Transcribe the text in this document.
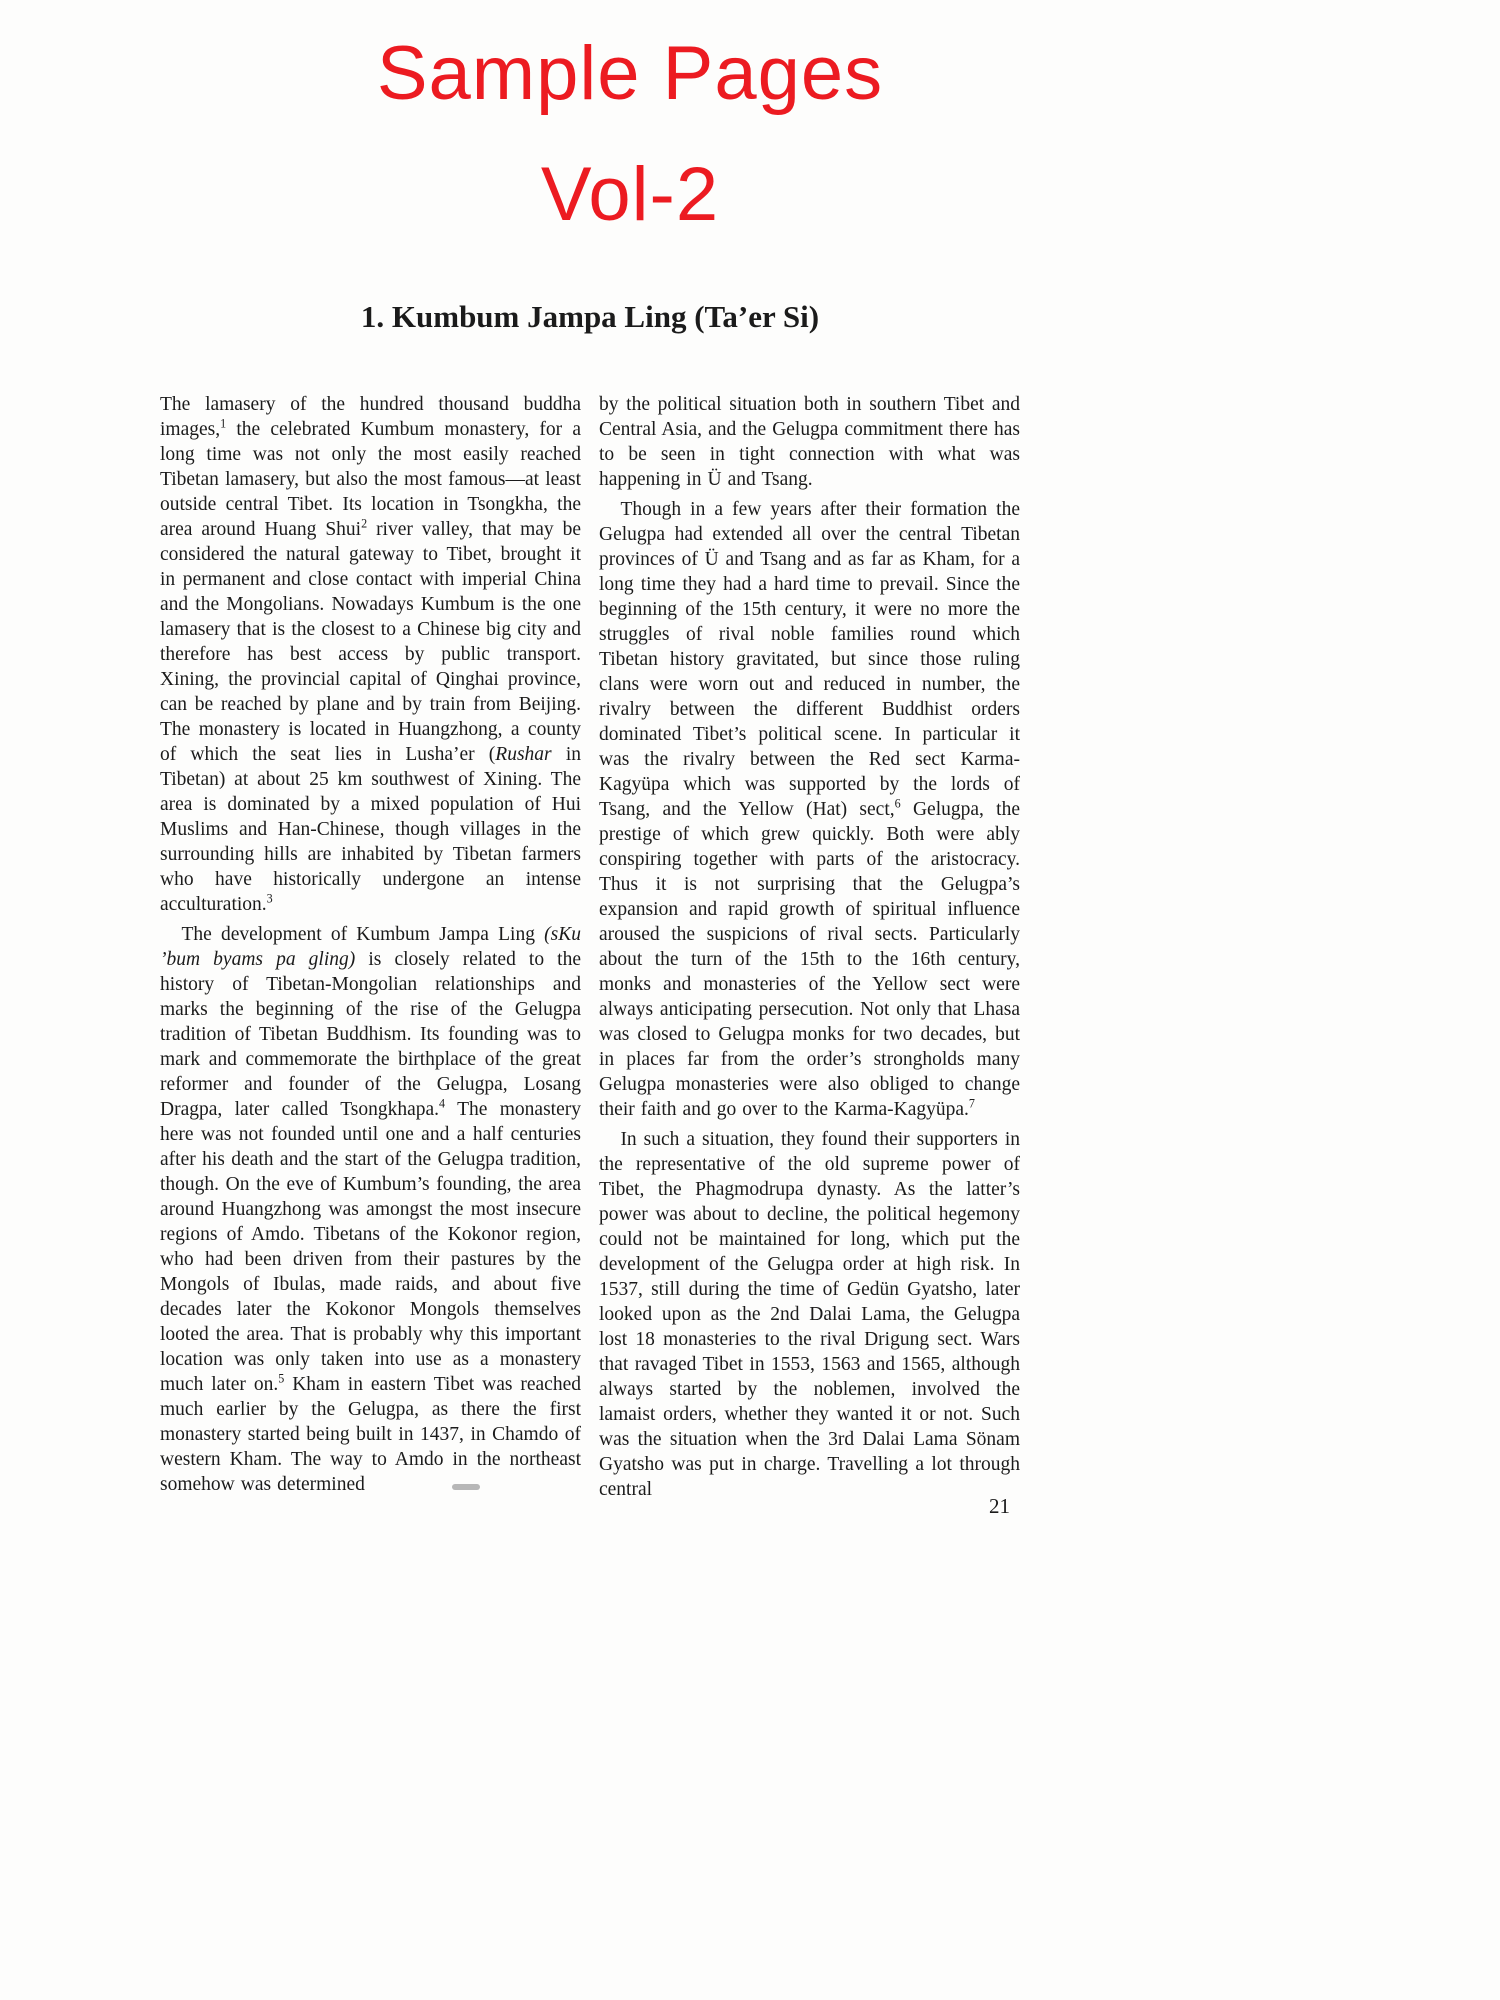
Sample Pages
Vol-2
1. Kumbum Jampa Ling (Ta’er Si)

The lamasery of the hundred thousand buddha images,$^1$ the celebrated Kumbum monastery, for a long time was not only the most easily reached Tibetan lamasery, but also the most famous—at least outside central Tibet. Its location in Tsongkha, the area around Huang Shui$^2$ river valley, that may be considered the natural gateway to Tibet, brought it in permanent and close contact with imperial China and the Mongolians. Nowadays Kumbum is the one lamasery that is the closest to a Chinese big city and therefore has best access by public transport. Xining, the provincial capital of Qinghai province, can be reached by plane and by train from Beijing. The monastery is located in Huangzhong, a county of which the seat lies in Lusha’er (Rushar in Tibetan) at about 25 km southwest of Xining. The area is dominated by a mixed population of Hui Muslims and Han-Chinese, though villages in the surrounding hills are inhabited by Tibetan farmers who have historically undergone an intense acculturation.$^3$

The development of Kumbum Jampa Ling (sKu ’bum byams pa gling) is closely related to the history of Tibetan-Mongolian relationships and marks the beginning of the rise of the Gelugpa tradition of Tibetan Buddhism. Its founding was to mark and commemorate the birthplace of the great reformer and founder of the Gelugpa, Losang Dragpa, later called Tsongkhapa.$^4$ The monastery here was not founded until one and a half centuries after his death and the start of the Gelugpa tradition, though. On the eve of Kumbum’s founding, the area around Huangzhong was amongst the most insecure regions of Amdo. Tibetans of the Kokonor region, who had been driven from their pastures by the Mongols of Ibulas, made raids, and about five decades later the Kokonor Mongols themselves looted the area. That is probably why this important location was only taken into use as a monastery much later on.$^5$ Kham in eastern Tibet was reached much earlier by the Gelugpa, as there the first monastery started being built in 1437, in Chamdo of western Kham. The way to Amdo in the northeast somehow was determined

by the political situation both in southern Tibet and Central Asia, and the Gelugpa commitment there has to be seen in tight connection with what was happening in Ü and Tsang.

Though in a few years after their formation the Gelugpa had extended all over the central Tibetan provinces of Ü and Tsang and as far as Kham, for a long time they had a hard time to prevail. Since the beginning of the 15th century, it were no more the struggles of rival noble families round which Tibetan history gravitated, but since those ruling clans were worn out and reduced in number, the rivalry between the different Buddhist orders dominated Tibet’s political scene. In particular it was the rivalry between the Red sect Karma-Kagyüpa which was supported by the lords of Tsang, and the Yellow (Hat) sect,$^6$ Gelugpa, the prestige of which grew quickly. Both were ably conspiring together with parts of the aristocracy. Thus it is not surprising that the Gelugpa’s expansion and rapid growth of spiritual influence aroused the suspicions of rival sects. Particularly about the turn of the 15th to the 16th century, monks and monasteries of the Yellow sect were always anticipating persecution. Not only that Lhasa was closed to Gelugpa monks for two decades, but in places far from the order’s strongholds many Gelugpa monasteries were also obliged to change their faith and go over to the Karma-Kagyüpa.$^7$

In such a situation, they found their supporters in the representative of the old supreme power of Tibet, the Phagmodrupa dynasty. As the latter’s power was about to decline, the political hegemony could not be maintained for long, which put the development of the Gelugpa order at high risk. In 1537, still during the time of Gedün Gyatsho, later looked upon as the 2nd Dalai Lama, the Gelugpa lost 18 monasteries to the rival Drigung sect. Wars that ravaged Tibet in 1553, 1563 and 1565, although always started by the noblemen, involved the lamaist orders, whether they wanted it or not. Such was the situation when the 3rd Dalai Lama Sönam Gyatsho was put in charge. Travelling a lot through central

21
